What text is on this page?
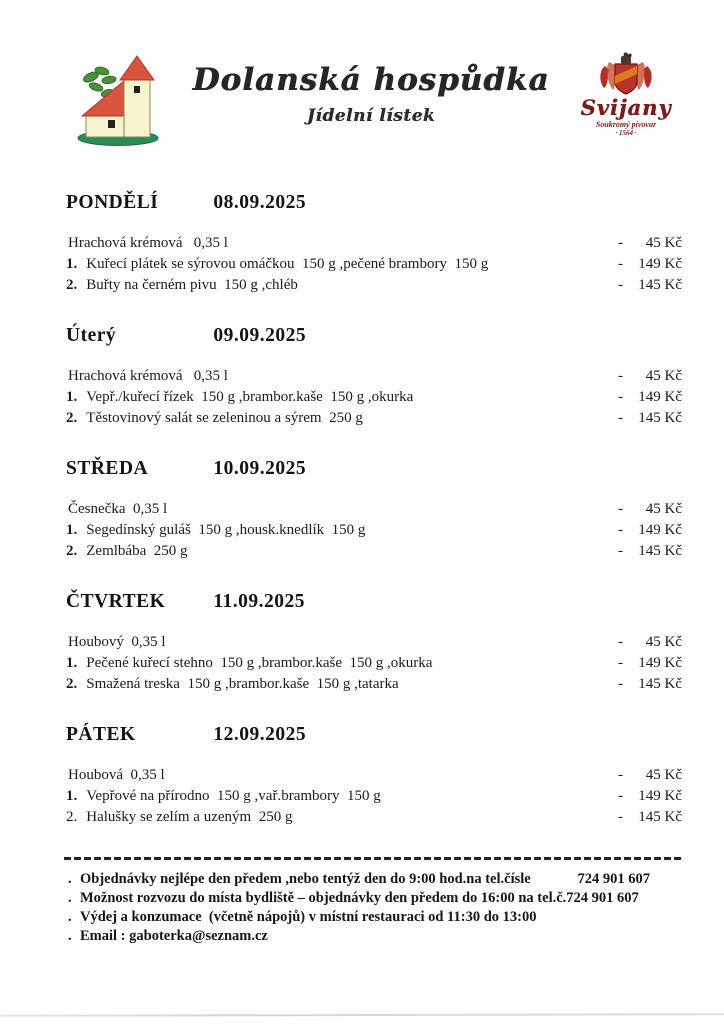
Dolanská hospůdka
Jídelní lístek	Svijany
Soukromý pivovar
· 1564 ·
PONDĚLÍ	08.09.2025
Hrachová krémová   0,35 l	-	45 Kč
1. Kuřecí plátek se sýrovou omáčkou  150 g ,pečené brambory  150 g	-	149 Kč
2. Buřty na černém pivu  150 g ,chléb	-	145 Kč
Úterý	09.09.2025
Hrachová krémová   0,35 l	-	45 Kč
1. Vepř./kuřecí řízek  150 g ,brambor.kaše  150 g ,okurka	-	149 Kč
2. Těstovinový salát se zeleninou a sýrem  250 g	-	145 Kč
STŘEDA	10.09.2025
Česnečka  0,35 l	-	45 Kč
1. Segedínský guláš  150 g ,housk.knedlík  150 g	-	149 Kč
2. Zemlbába  250 g	-	145 Kč
ČTVRTEK 11.09.2025
Houbový  0,35 l	-	45 Kč
1. Pečené kuřecí stehno  150 g ,brambor.kaše  150 g ,okurka	-	149 Kč
2. Smažená treska  150 g ,brambor.kaše  150 g ,tatarka	-	145 Kč
PÁTEK	12.09.2025
Houbová  0,35 l	-	45 Kč
1. Vepřové na přírodno  150 g ,vař.brambory  150 g	-	149 Kč
2. Halušky se zelím a uzeným  250 g	-	145 Kč
. Objednávky nejlépe den předem ,nebo tentýž den do 9:00 hod.na tel.čísle	724 901 607
. Možnost rozvozu do místa bydliště – objednávky den předem do 16:00 na tel.č.724 901 607
. Výdej a konzumace  (včetně nápojů) v místní restauraci od 11:30 do 13:00
. Email : gaboterka@seznam.cz
